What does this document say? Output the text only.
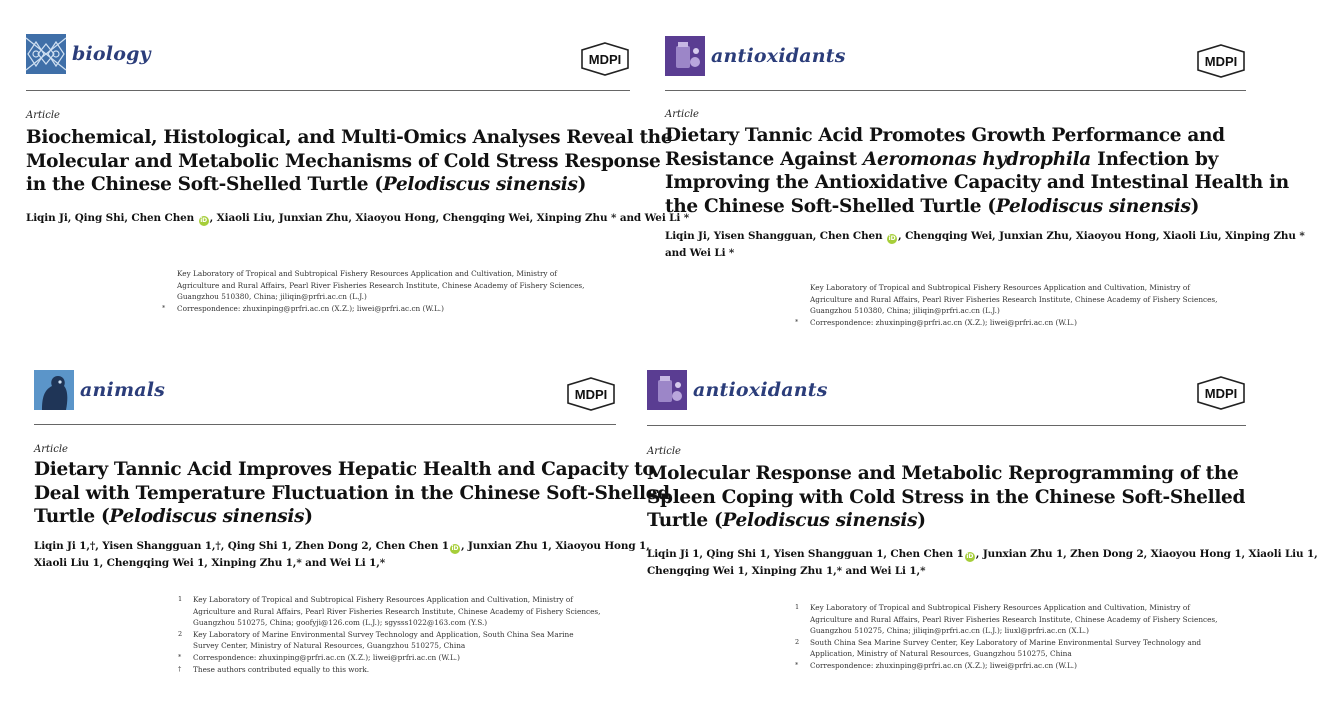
biology	MDPI
Article
Biochemical, Histological, and Multi-Omics Analyses Reveal the
Molecular and Metabolic Mechanisms of Cold Stress Response
in the Chinese Soft-Shelled Turtle (Pelodiscus sinensis)
Liqin Ji, Qing Shi, Chen Chen iD , Xiaoli Liu, Junxian Zhu, Xiaoyou Hong, Chengqing Wei, Xinping Zhu * and Wei Li *
Key Laboratory of Tropical and Subtropical Fishery Resources Application and Cultivation, Ministry of
Agriculture and Rural Affairs, Pearl River Fisheries Research Institute, Chinese Academy of Fishery Sciences,
Guangzhou 510380, China; jiliqin@prfri.ac.cn (L.J.)
*	Correspondence: zhuxinping@prfri.ac.cn (X.Z.); liwei@prfri.ac.cn (W.L.)
antioxidants	MDPI
Article
Dietary Tannic Acid Promotes Growth Performance and
Resistance Against Aeromonas hydrophila Infection by
Improving the Antioxidative Capacity and Intestinal Health in
the Chinese Soft-Shelled Turtle (Pelodiscus sinensis)
Liqin Ji, Yisen Shangguan, Chen Chen iD , Chengqing Wei, Junxian Zhu, Xiaoyou Hong, Xiaoli Liu, Xinping Zhu *
and Wei Li *
Key Laboratory of Tropical and Subtropical Fishery Resources Application and Cultivation, Ministry of
Agriculture and Rural Affairs, Pearl River Fisheries Research Institute, Chinese Academy of Fishery Sciences,
Guangzhou 510380, China; jiliqin@prfri.ac.cn (L.J.)
*	Correspondence: zhuxinping@prfri.ac.cn (X.Z.); liwei@prfri.ac.cn (W.L.)
animals	MDPI
Article
Dietary Tannic Acid Improves Hepatic Health and Capacity to
Deal with Temperature Fluctuation in the Chinese Soft-Shelled
Turtle (Pelodiscus sinensis)
Liqin Ji 1,†, Yisen Shangguan 1,†, Qing Shi 1, Zhen Dong 2, Chen Chen 1 iD , Junxian Zhu 1, Xiaoyou Hong 1,
Xiaoli Liu 1, Chengqing Wei 1, Xinping Zhu 1,* and Wei Li 1,*
1	Key Laboratory of Tropical and Subtropical Fishery Resources Application and Cultivation, Ministry of
Agriculture and Rural Affairs, Pearl River Fisheries Research Institute, Chinese Academy of Fishery Sciences,
Guangzhou 510275, China; goofyji@126.com (L.J.); sgysss1022@163.com (Y.S.)
2	Key Laboratory of Marine Environmental Survey Technology and Application, South China Sea Marine
Survey Center, Ministry of Natural Resources, Guangzhou 510275, China
*	Correspondence: zhuxinping@prfri.ac.cn (X.Z.); liwei@prfri.ac.cn (W.L.)
†	These authors contributed equally to this work.
antioxidants	MDPI
Article
Molecular Response and Metabolic Reprogramming of the
Spleen Coping with Cold Stress in the Chinese Soft-Shelled
Turtle (Pelodiscus sinensis)
Liqin Ji 1, Qing Shi 1, Yisen Shangguan 1, Chen Chen 1 iD , Junxian Zhu 1, Zhen Dong 2, Xiaoyou Hong 1, Xiaoli Liu 1,
Chengqing Wei 1, Xinping Zhu 1,* and Wei Li 1,*
1	Key Laboratory of Tropical and Subtropical Fishery Resources Application and Cultivation, Ministry of
Agriculture and Rural Affairs, Pearl River Fisheries Research Institute, Chinese Academy of Fishery Sciences,
Guangzhou 510275, China; jiliqin@prfri.ac.cn (L.J.); liuxl@prfri.ac.cn (X.L.)
2	South China Sea Marine Survey Center, Key Laboratory of Marine Environmental Survey Technology and
Application, Ministry of Natural Resources, Guangzhou 510275, China
*	Correspondence: zhuxinping@prfri.ac.cn (X.Z.); liwei@prfri.ac.cn (W.L.)
